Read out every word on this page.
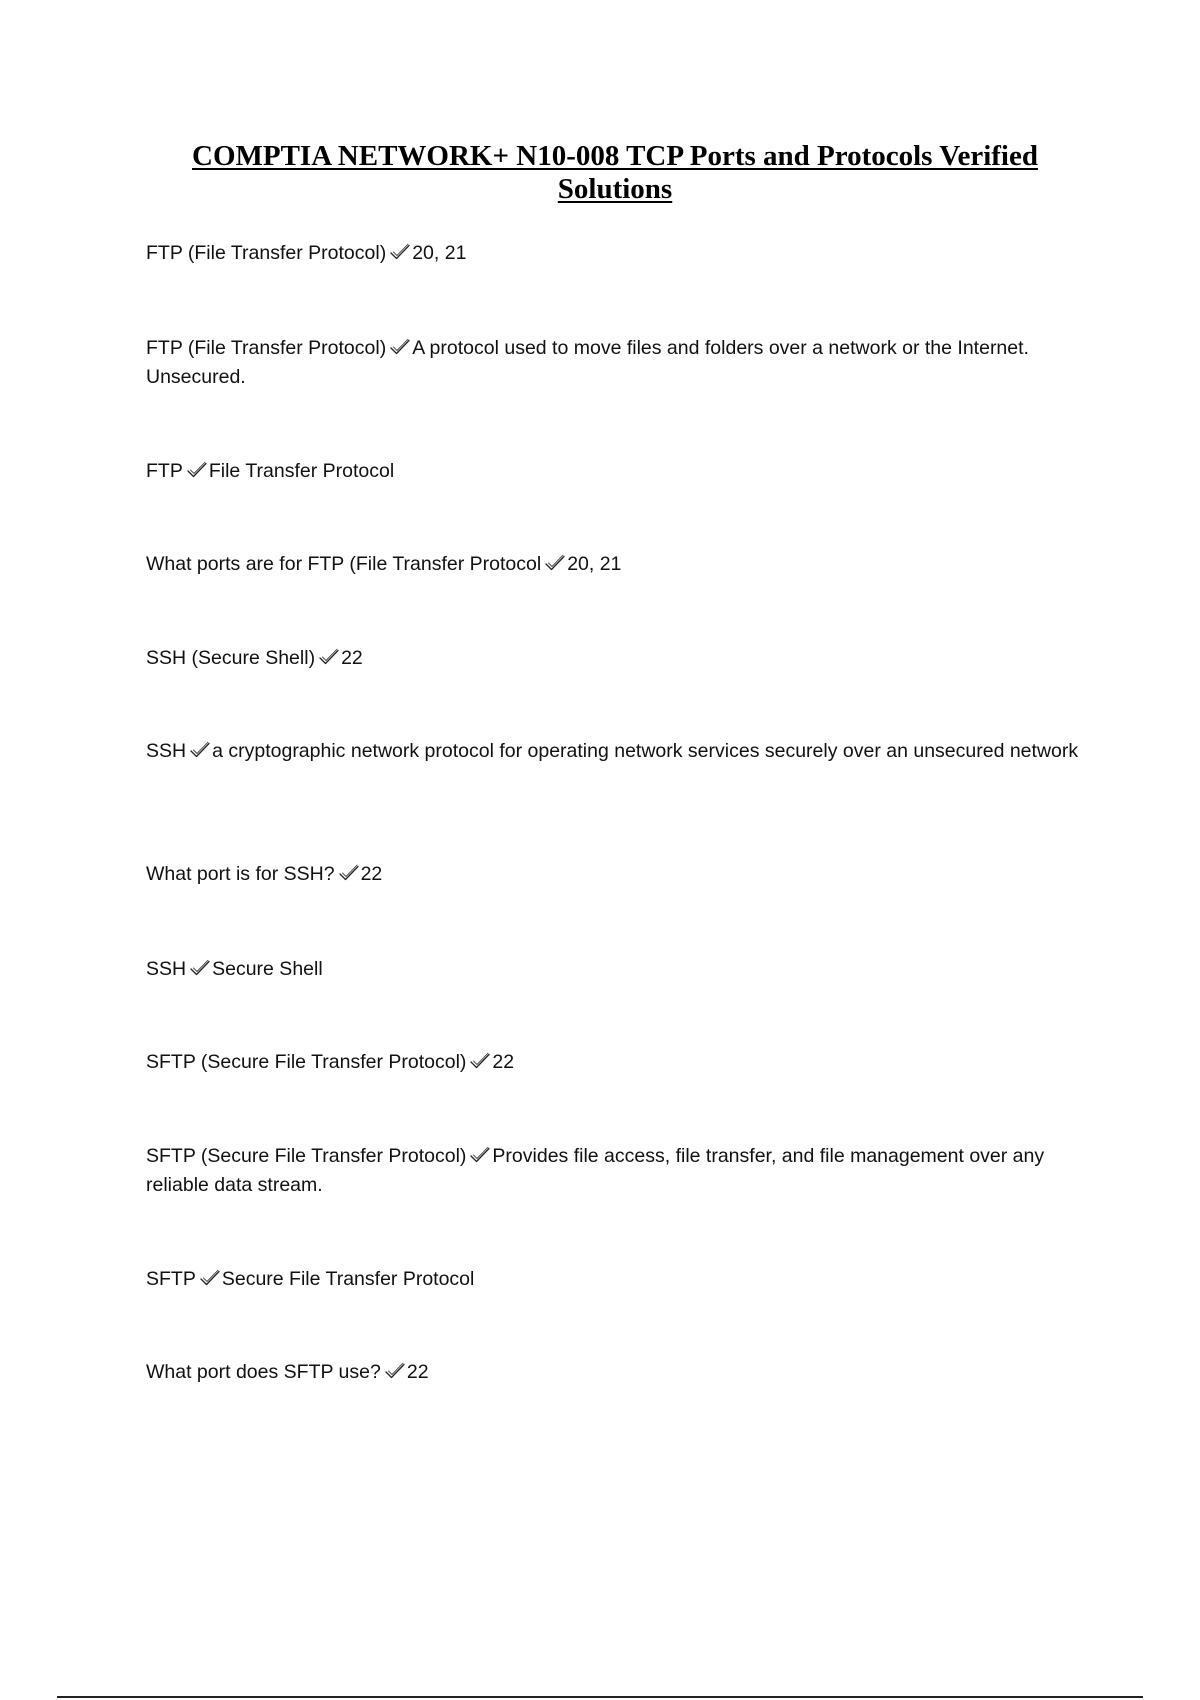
COMPTIA NETWORK+ N10-008 TCP Ports and Protocols Verified Solutions
FTP (File Transfer Protocol) 20, 21
FTP (File Transfer Protocol) A protocol used to move files and folders over a network or the Internet. Unsecured.
FTP File Transfer Protocol
What ports are for FTP (File Transfer Protocol 20, 21
SSH (Secure Shell) 22
SSH a cryptographic network protocol for operating network services securely over an unsecured network
What port is for SSH? 22
SSH Secure Shell
SFTP (Secure File Transfer Protocol) 22
SFTP (Secure File Transfer Protocol) Provides file access, file transfer, and file management over any reliable data stream.
SFTP Secure File Transfer Protocol
What port does SFTP use? 22
